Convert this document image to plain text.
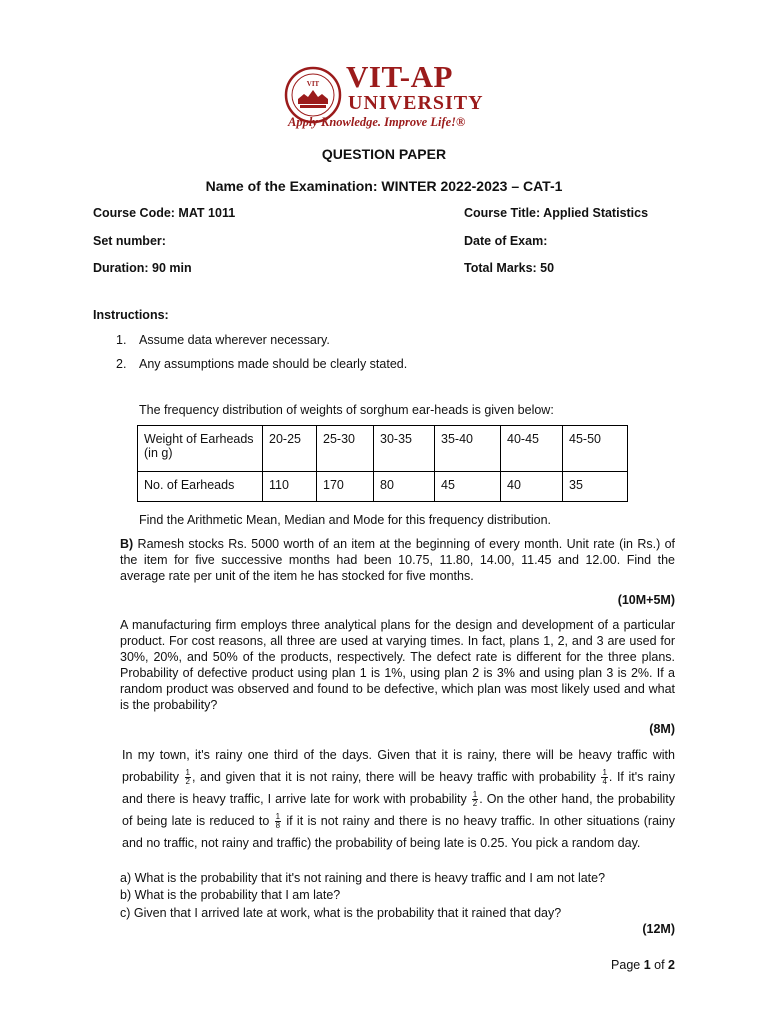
VIT VIT-AP
UNIVERSITY
Apply Knowledge. Improve Life!®
QUESTION PAPER
Name of the Examination: WINTER 2022-2023 – CAT-1
Course Code: MAT 1011	Course Title: Applied Statistics
Set number:	Date of Exam:
Duration: 90 min	Total Marks: 50
Instructions:
1. Assume data wherever necessary.
2. Any assumptions made should be clearly stated.
The frequency distribution of weights of sorghum ear-heads is given below:
Weight of Earheads (in g)	20-25	25-30	30-35	35-40	40-45	45-50
No. of Earheads	110	170	80	45	40	35
Find the Arithmetic Mean, Median and Mode for this frequency distribution.
B) Ramesh stocks Rs. 5000 worth of an item at the beginning of every month. Unit rate (in Rs.) of the item for five successive months had been 10.75, 11.80, 14.00, 11.45 and 12.00. Find the average rate per unit of the item he has stocked for five months.
(10M+5M)
A manufacturing firm employs three analytical plans for the design and development of a particular product. For cost reasons, all three are used at varying times. In fact, plans 1, 2, and 3 are used for 30%, 20%, and 50% of the products, respectively. The defect rate is different for the three plans. Probability of defective product using plan 1 is 1%, using plan 2 is 3% and using plan 3 is 2%. If a random product was observed and found to be defective, which plan was most likely used and what is the probability?
(8M)
In my town, it's rainy one third of the days. Given that it is rainy, there will be heavy traffic with probability $\frac{1}{2}$ , and given that it is not rainy, there will be heavy traffic with probability $\frac{1}{4}$ . If it's rainy and there is heavy traffic, I arrive late for work with probability $\frac{1}{2}$ . On the other hand, the probability of being late is reduced to $\frac{1}{8}$ if it is not rainy and there is no heavy traffic. In other situations (rainy and no traffic, not rainy and traffic) the probability of being late is 0.25. You pick a random day.
a) What is the probability that it's not raining and there is heavy traffic and I am not late?
b) What is the probability that I am late?
c) Given that I arrived late at work, what is the probability that it rained that day?
(12M)
Page 1 of 2
